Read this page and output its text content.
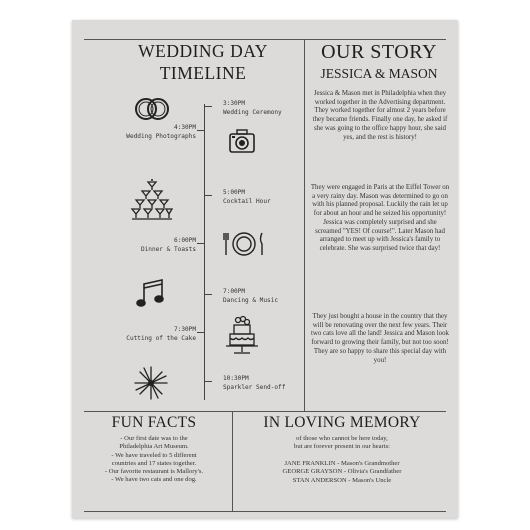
WEDDING DAY
TIMELINE
3:30PM
Wedding Ceremony
4:30PM
Wedding Photographs
5:00PM
Cocktail Hour
6:00PM
Dinner & Toasts
7:00PM
Dancing & Music
7:30PM
Cutting of the Cake
10:30PM
Sparkler Send-off
OUR STORY
JESSICA & MASON

Jessica & Mason met in Philadelphia when they worked together in the Advertising department. They worked together for almost 2 years before they became friends. Finally one day, he asked if she was going to the office happy hour, she said yes, and the rest is history!

They were engaged in Paris at the Eiffel Tower on a very rainy day. Mason was determined to go on with his planned proposal. Luckily the rain let up for about an hour and he seized his opportunity! Jessica was completely surprised and she screamed "YES! Of course!". Later Mason had arranged to meet up with Jessica's family to celebrate. She was surprised twice that day!

They just bought a house in the country that they will be renovating over the next few years. Their two cats love all the land! Jessica and Mason look forward to growing their family, but not too soon! They are so happy to share this special day with you!

FUN FACTS
- Our first date was to the
Philadelphia Art Museum.
- We have traveled to 5 different
countries and 17 states together.
- Our favorite restaurant is Mallory's.
- We have two cats and one dog.
IN LOVING MEMORY
of those who cannot be here today,
but are forever present in our hearts:
JANE FRANKLIN - Mason's Grandmother
GEORGE GRAYSON - Olivia's Grandfather
STAN ANDERSON - Mason's Uncle
